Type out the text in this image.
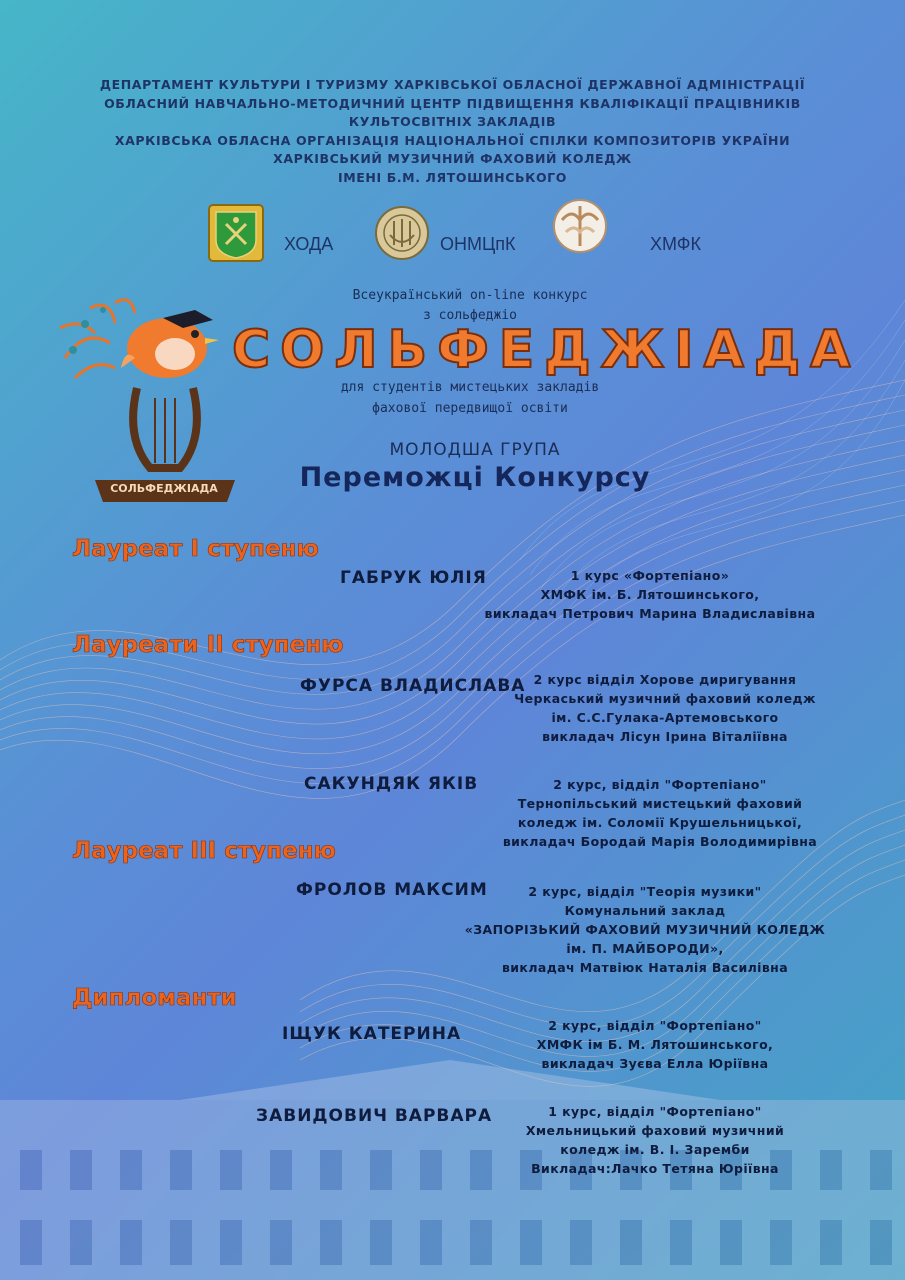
ДЕПАРТАМЕНТ КУЛЬТУРИ І ТУРИЗМУ ХАРКІВСЬКОЇ ОБЛАСНОЇ ДЕРЖАВНОЇ АДМІНІСТРАЦІЇ
ОБЛАСНИЙ НАВЧАЛЬНО-МЕТОДИЧНИЙ ЦЕНТР ПІДВИЩЕННЯ КВАЛІФІКАЦІЇ ПРАЦІВНИКІВ
КУЛЬТОСВІТНІХ ЗАКЛАДІВ
ХАРКІВСЬКА ОБЛАСНА ОРГАНІЗАЦІЯ НАЦІОНАЛЬНОЇ СПІЛКИ КОМПОЗИТОРІВ УКРАЇНИ
ХАРКІВСЬКИЙ МУЗИЧНИЙ ФАХОВИЙ КОЛЕДЖ
ІМЕНІ Б.М. ЛЯТОШИНСЬКОГО
ХОДА	ОНМЦпК	ХМФК
СОЛЬФЕДЖІАДА
Всеукраїнський on-line конкурс
з сольфеджіо
СОЛЬФЕДЖІАДА
для студентів мистецьких закладів
фахової передвищої освіти
МОЛОДША ГРУПА
Переможці Конкурсу
Лауреат І ступеню
Лауреати ІІ ступеню
Лауреат ІІІ ступеню
Дипломанти
ГАБРУК ЮЛІЯ	1 курс «Фортепіано»
ХМФК ім. Б. Лятошинського,
викладач Петрович Марина Владиславівна
ФУРСА ВЛАДИСЛАВА 2 курс відділ Хорове диригування
Черкаський музичний фаховий коледж
ім. С.С.Гулака-Артемовського
викладач Лісун Ірина Віталіївна
САКУНДЯК ЯКІВ	2 курс, відділ "Фортепіано"
Тернопільський мистецький фаховий
коледж ім. Соломії Крушельницької,
викладач Бородай Марія Володимирівна
ФРОЛОВ МАКСИМ	2 курс, відділ "Теорія музики"
Комунальний заклад
«ЗАПОРІЗЬКИЙ ФАХОВИЙ МУЗИЧНИЙ КОЛЕДЖ
ім. П. МАЙБОРОДИ»,
викладач Матвіюк Наталія Василівна
ІЩУК КАТЕРИНА	2 курс, відділ "Фортепіано"
ХМФК ім Б. М. Лятошинського,
викладач Зуєва Елла Юріївна
ЗАВИДОВИЧ ВАРВАРА	1 курс, відділ "Фортепіано"
Хмельницький фаховий музичний
коледж ім. В. І. Заремби
Викладач:Лачко Тетяна Юріївна
